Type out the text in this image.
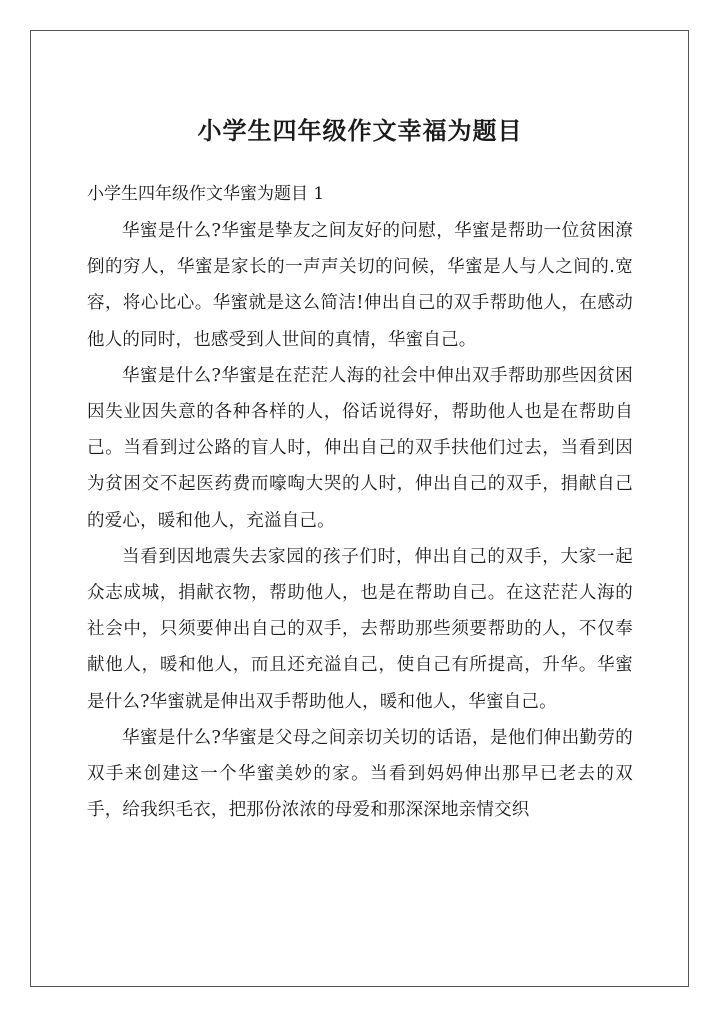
小学生四年级作文幸福为题目

小学生四年级作文华蜜为题目 1

华蜜是什么?华蜜是挚友之间友好的问慰，华蜜是帮助一位贫困潦倒的穷人，华蜜是家长的一声声关切的问候，华蜜是人与人之间的.宽容，将心比心。华蜜就是这么简洁!伸出自己的双手帮助他人，在感动他人的同时，也感受到人世间的真情，华蜜自己。

华蜜是什么?华蜜是在茫茫人海的社会中伸出双手帮助那些因贫困因失业因失意的各种各样的人，俗话说得好，帮助他人也是在帮助自己。当看到过公路的盲人时，伸出自己的双手扶他们过去，当看到因为贫困交不起医药费而嚎啕大哭的人时，伸出自己的双手，捐献自己的爱心，暖和他人，充溢自己。

当看到因地震失去家园的孩子们时，伸出自己的双手，大家一起众志成城，捐献衣物，帮助他人，也是在帮助自己。在这茫茫人海的社会中，只须要伸出自己的双手，去帮助那些须要帮助的人，不仅奉献他人，暖和他人，而且还充溢自己，使自己有所提高，升华。华蜜是什么?华蜜就是伸出双手帮助他人，暖和他人，华蜜自己。

华蜜是什么?华蜜是父母之间亲切关切的话语，是他们伸出勤劳的双手来创建这一个华蜜美妙的家。当看到妈妈伸出那早已老去的双手，给我织毛衣，把那份浓浓的母爱和那深深地亲情交织
